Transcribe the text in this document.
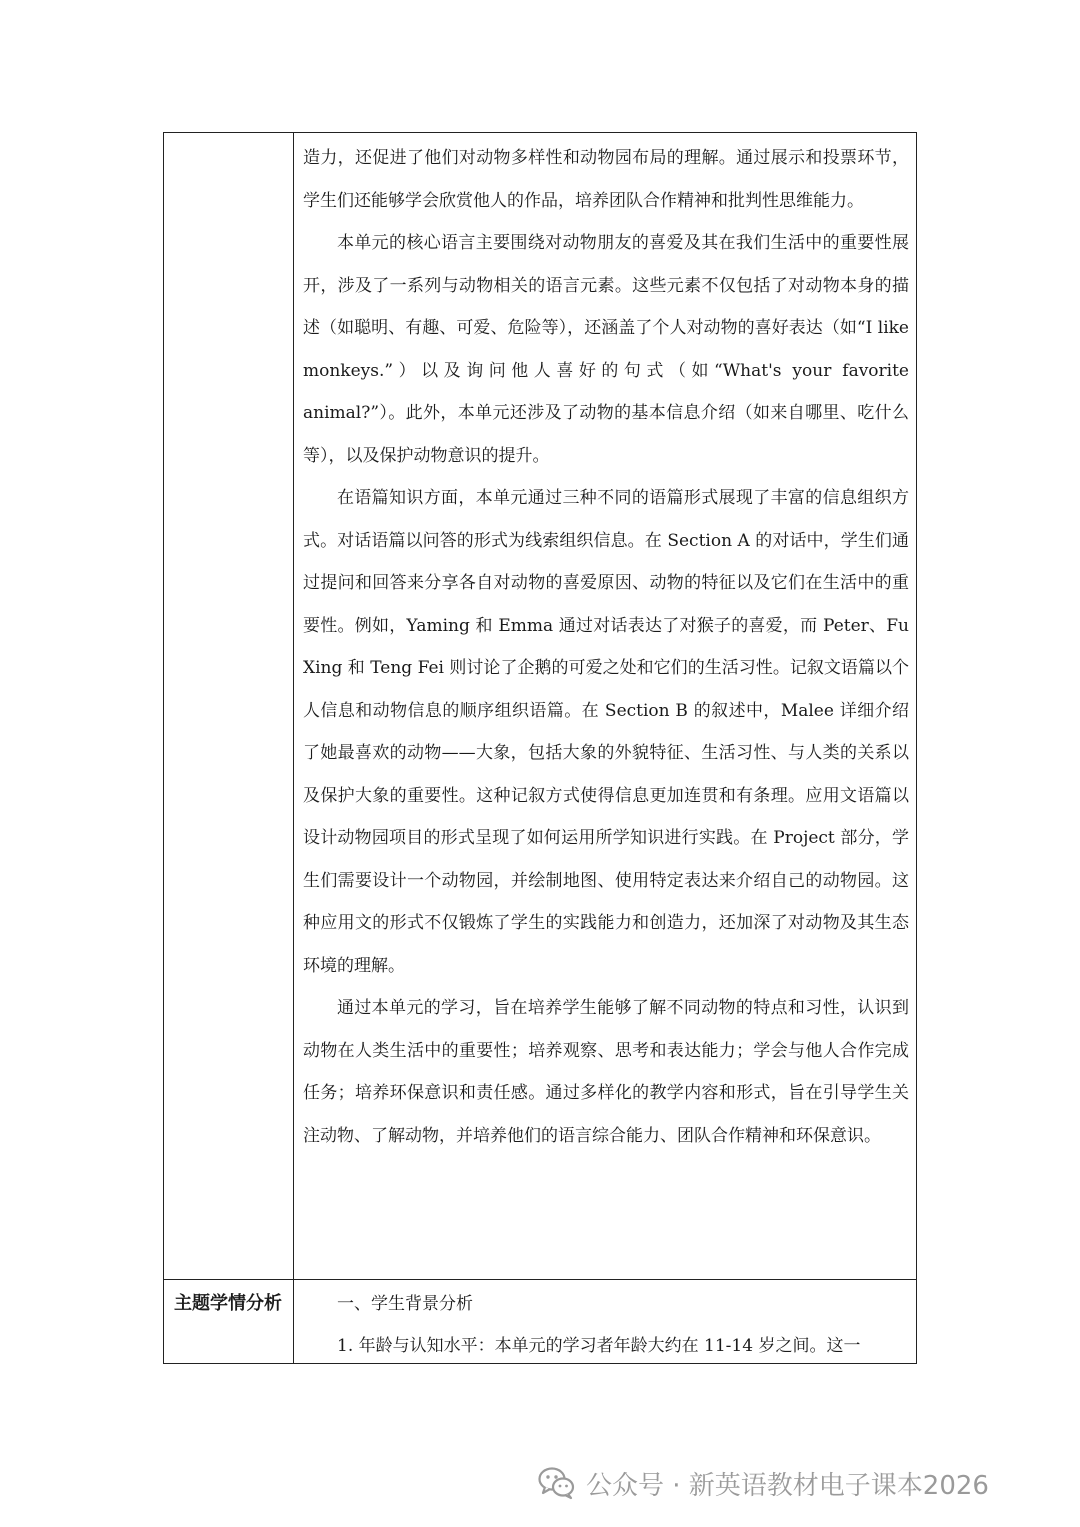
造力，还促进了他们对动物多样性和动物园布局的理解。通过展示和投票环节，学生们还能够学会欣赏他人的作品，培养团队合作精神和批判性思维能力。

本单元的核心语言主要围绕对动物朋友的喜爱及其在我们生活中的重要性展开，涉及了一系列与动物相关的语言元素。这些元素不仅包括了对动物本身的描述（如聪明、有趣、可爱、危险等），还涵盖了个人对动物的喜好表达（如“I like monkeys.”）以及询问他人喜好的句式（如“What's your favorite animal?”）。此外，本单元还涉及了动物的基本信息介绍（如来自哪里、吃什么等），以及保护动物意识的提升。

在语篇知识方面，本单元通过三种不同的语篇形式展现了丰富的信息组织方式。对话语篇以问答的形式为线索组织信息。在 Section A 的对话中，学生们通过提问和回答来分享各自对动物的喜爱原因、动物的特征以及它们在生活中的重要性。例如，Yaming 和 Emma 通过对话表达了对猴子的喜爱，而 Peter、Fu Xing 和 Teng Fei 则讨论了企鹅的可爱之处和它们的生活习性。记叙文语篇以个人信息和动物信息的顺序组织语篇。在 Section B 的叙述中，Malee 详细介绍了她最喜欢的动物——大象，包括大象的外貌特征、生活习性、与人类的关系以及保护大象的重要性。这种记叙方式使得信息更加连贯和有条理。应用文语篇以设计动物园项目的形式呈现了如何运用所学知识进行实践。在 Project 部分，学生们需要设计一个动物园，并绘制地图、使用特定表达来介绍自己的动物园。这种应用文的形式不仅锻炼了学生的实践能力和创造力，还加深了对动物及其生态环境的理解。

通过本单元的学习，旨在培养学生能够了解不同动物的特点和习性，认识到动物在人类生活中的重要性；培养观察、思考和表达能力；学会与他人合作完成任务；培养环保意识和责任感。通过多样化的教学内容和形式，旨在引导学生关注动物、了解动物，并培养他们的语言综合能力、团队合作精神和环保意识。

主题学情分析	一、学生背景分析

1. 年龄与认知水平：本单元的学习者年龄大约在 11-14 岁之间。这一

公众号 · 新英语教材电子课本2026
